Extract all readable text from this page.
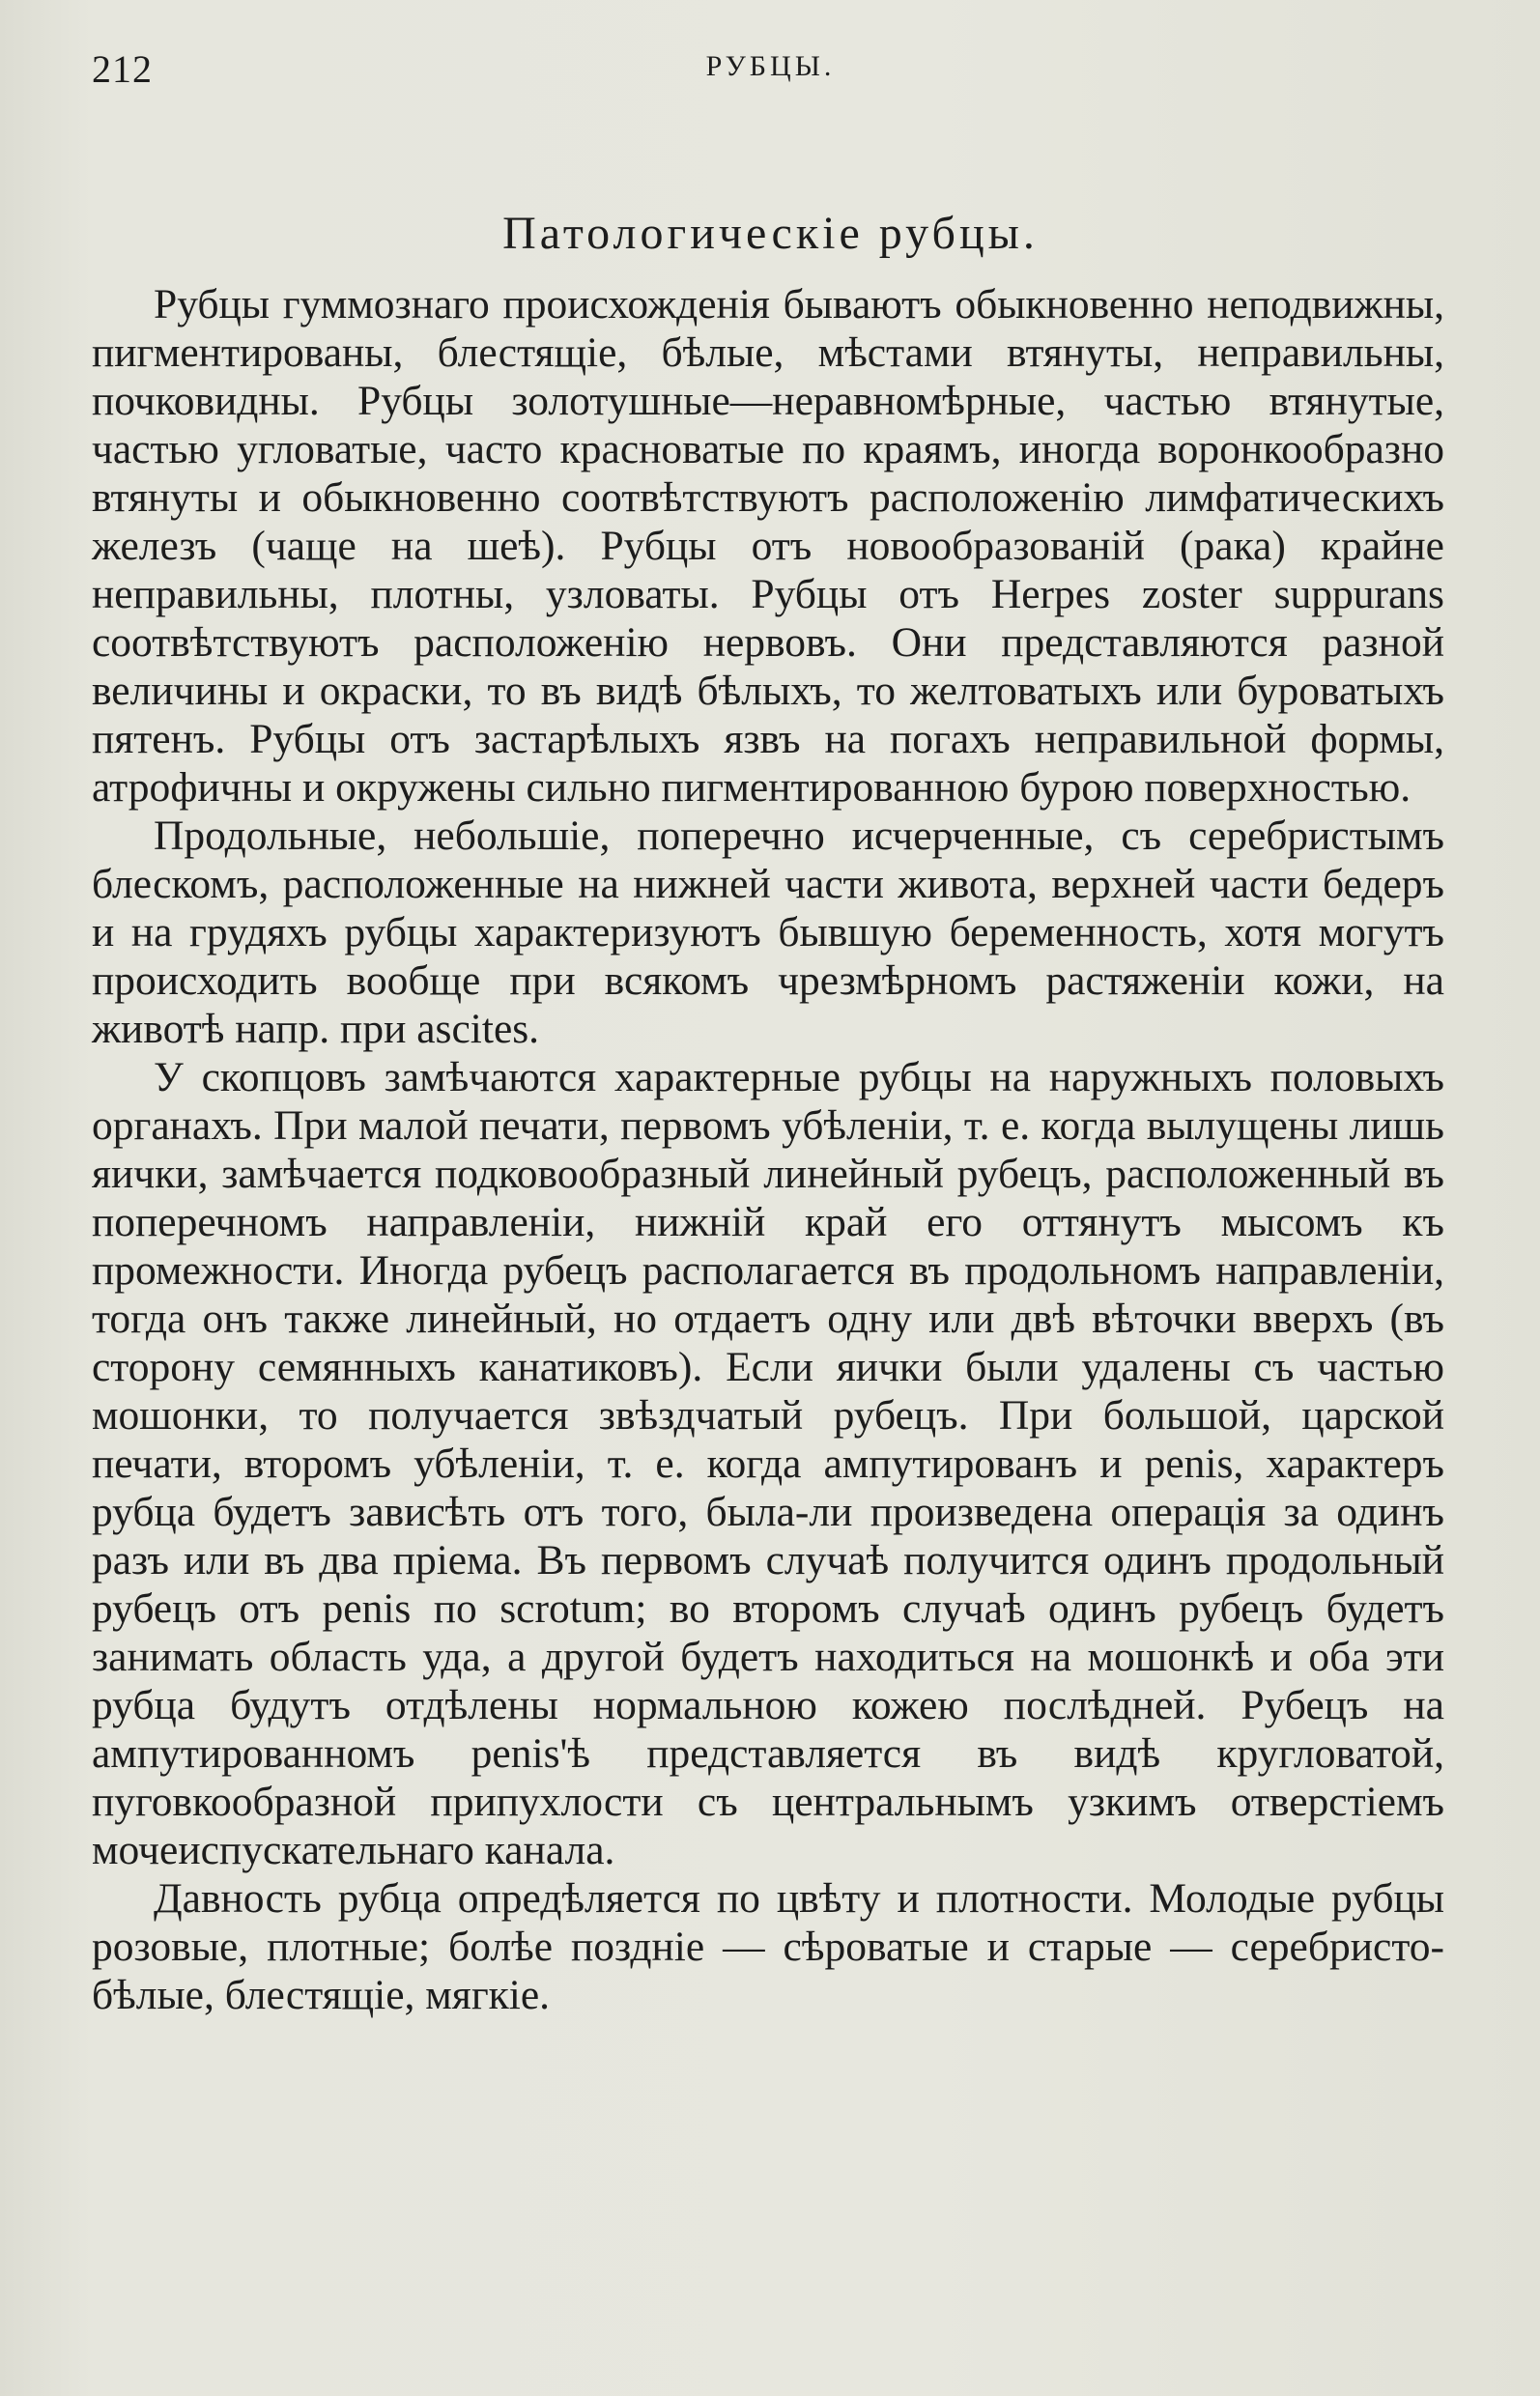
212	РУБЦЫ.
Патологическіе рубцы.

Рубцы гуммознаго происхожденія бываютъ обыкновенно неподвижны, пигментированы, блестящіе, бѣлые, мѣстами втянуты, неправильны, почковидны. Рубцы золотушные—неравномѣрные, частью втянутые, частью угловатые, часто красноватые по краямъ, иногда воронкообразно втянуты и обыкновенно соотвѣтствуютъ расположенію лимфатическихъ железъ (чаще на шеѣ). Рубцы отъ новообразованій (рака) крайне неправильны, плотны, узловаты. Рубцы отъ Herpes zoster suppurans соотвѣтствуютъ расположенію нервовъ. Они представляются разной величины и окраски, то въ видѣ бѣлыхъ, то желтоватыхъ или буроватыхъ пятенъ. Рубцы отъ застарѣлыхъ язвъ на погахъ неправильной формы, атрофичны и окружены сильно пигментированною бурою поверхностью.

Продольные, небольшіе, поперечно исчерченные, съ серебристымъ блескомъ, расположенные на нижней части живота, верхней части бедеръ и на грудяхъ рубцы характеризуютъ бывшую беременность, хотя могутъ происходить вообще при всякомъ чрезмѣрномъ растяженіи кожи, на животѣ напр. при ascites.

У скопцовъ замѣчаются характерные рубцы на наружныхъ половыхъ органахъ. При малой печати, первомъ убѣленіи, т. е. когда вылущены лишь яички, замѣчается подковообразный линейный рубецъ, расположенный въ поперечномъ направленіи, нижній край его оттянутъ мысомъ къ промежности. Иногда рубецъ располагается въ продольномъ направленіи, тогда онъ также линейный, но отдаетъ одну или двѣ вѣточки вверхъ (въ сторону семянныхъ канатиковъ). Если яички были удалены съ частью мошонки, то получается звѣздчатый рубецъ. При большой, царской печати, второмъ убѣленіи, т. е. когда ампутированъ и penis, характеръ рубца будетъ зависѣть отъ того, была-ли произведена операція за одинъ разъ или въ два пріема. Въ первомъ случаѣ получится одинъ продольный рубецъ отъ penis по scrotum; во второмъ случаѣ одинъ рубецъ будетъ занимать область уда, а другой будетъ находиться на мошонкѣ и оба эти рубца будутъ отдѣлены нормальною кожею послѣдней. Рубецъ на ампутированномъ penis'ѣ представляется въ видѣ кругловатой, пуговкообразной припухлости съ центральнымъ узкимъ отверстіемъ мочеиспускательнаго канала.

Давность рубца опредѣляется по цвѣту и плотности. Молодые рубцы розовые, плотные; болѣе поздніе — сѣроватые и старые — серебристо-бѣлые, блестящіе, мягкіе.
